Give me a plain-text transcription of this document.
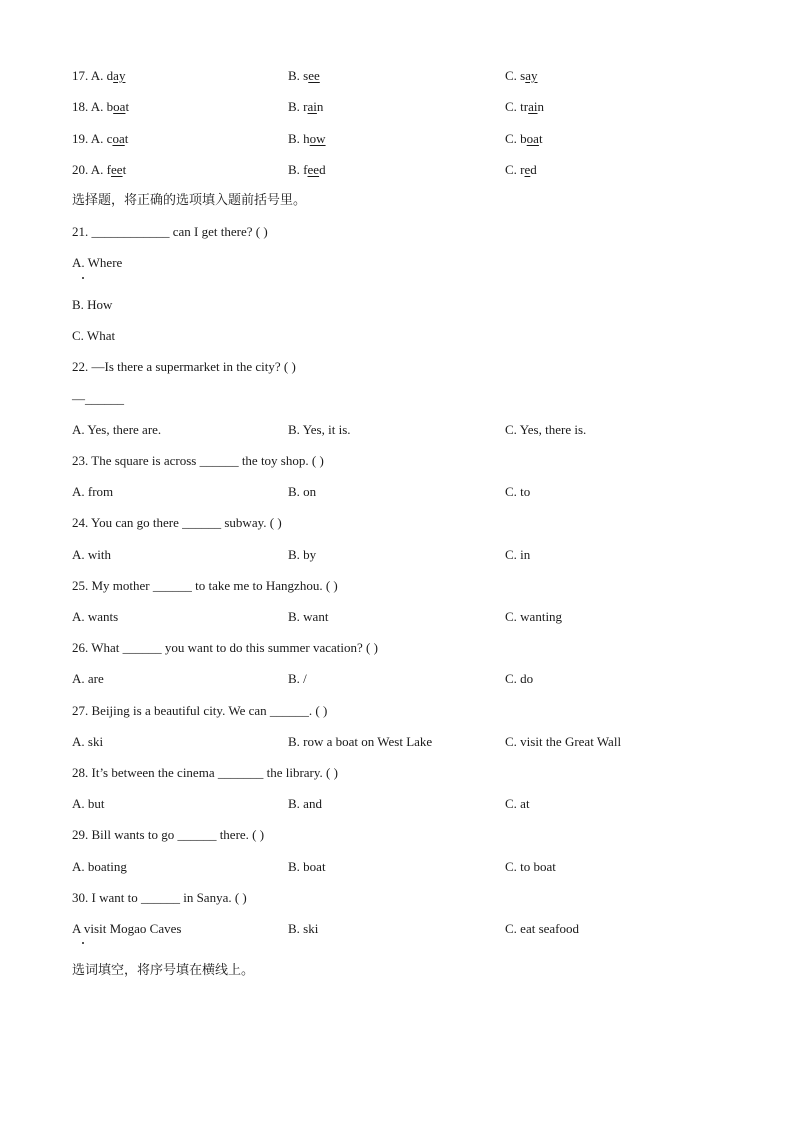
17. A. day	B. see	C. say
18. A. boat	B. rain	C. train
19. A. coat	B. how	C. boat
20. A. feet	B. feed	C. red
选择题，将正确的选项填入题前括号里。
21. ____________ can I get there? ( )
A. Where
B. How
C. What
22. —Is there a supermarket in the city? ( )
—______
A. Yes, there are.	B. Yes, it is.	C. Yes, there is.
23. The square is across ______ the toy shop. ( )
A. from	B. on	C. to
24. You can go there ______ subway. ( )
A. with	B. by	C. in
25. My mother ______ to take me to Hangzhou. ( )
A. wants	B. want	C. wanting
26. What ______ you want to do this summer vacation? ( )
A. are	B. /	C. do
27. Beijing is a beautiful city. We can ______. ( )
A. ski	B. row a boat on West Lake	C. visit the Great Wall
28. It’s between the cinema _______ the library. ( )
A. but	B. and	C. at
29. Bill wants to go ______ there. ( )
A. boating	B. boat	C. to boat
30. I want to ______ in Sanya. ( )
A visit Mogao Caves	B. ski	C. eat seafood
选词填空，将序号填在横线上。
